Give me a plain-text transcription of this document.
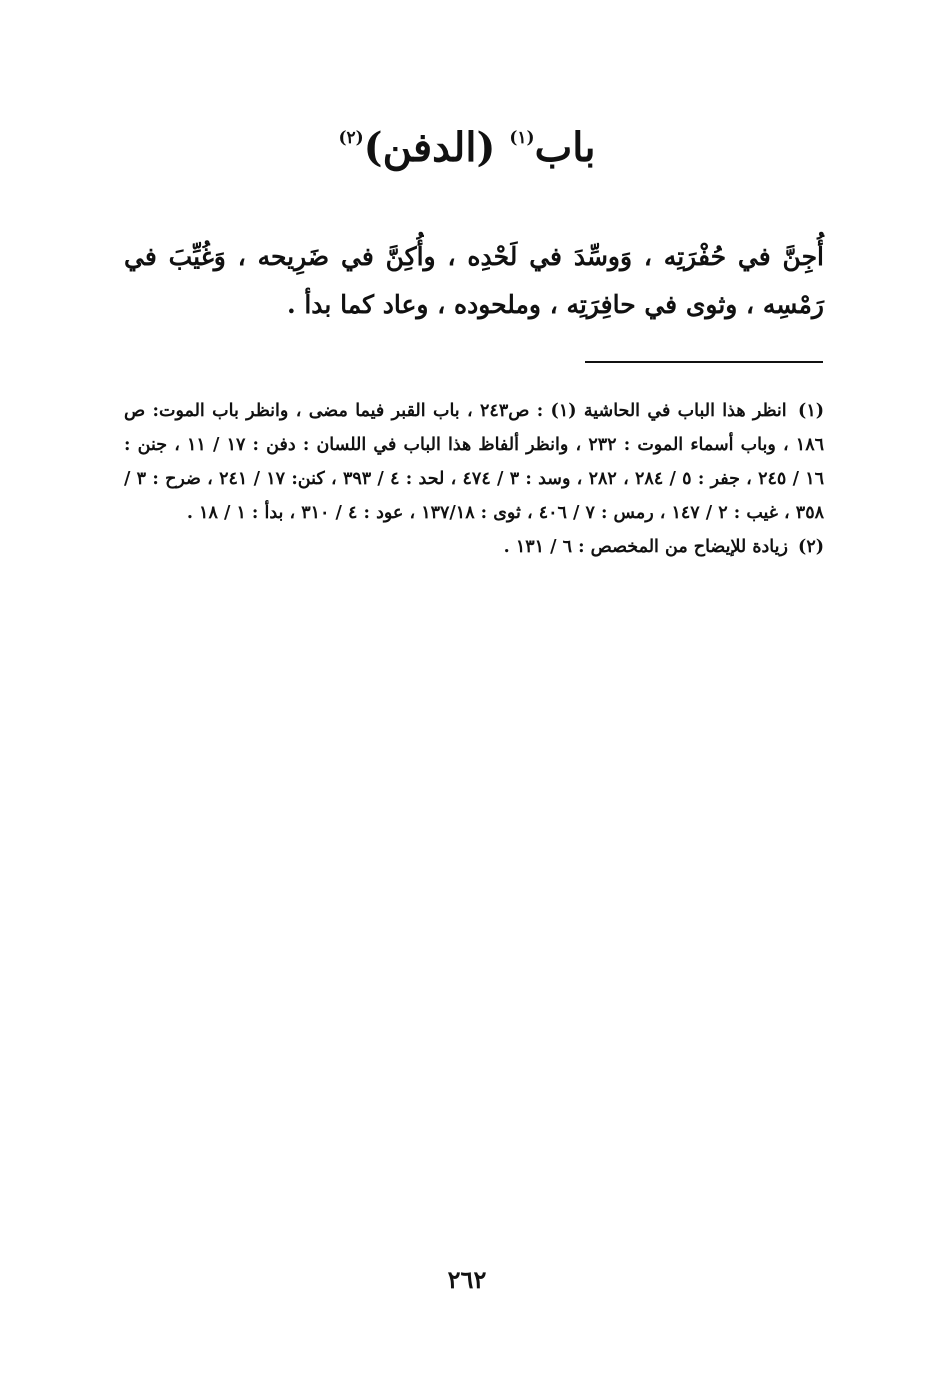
باب$^{(١)}$ (الدفن)$^{(٢)}$

أُجِنَّ في حُفْرَتِه ، وَوسِّدَ في لَحْدِه ، وأُكِنَّ في ضَرِيحه ، وَغُيِّبَ في رَمْسِه ، وثوى في حافِرَتِه ، وملحوده ، وعاد كما بدأ .

(١) انظر هذا الباب في الحاشية (١) : ص٢٤٣ ، باب القبر فيما مضى ، وانظر باب الموت: ص ١٨٦ ، وباب أسماء الموت : ٢٣٢ ، وانظر ألفاظ هذا الباب في اللسان : دفن : ١٧ / ١١ ، جنن : ١٦ / ٢٤٥ ، جفر : ٥ / ٢٨٤ ، ٢٨٢ ، وسد : ٣ / ٤٧٤ ، لحد : ٤ / ٣٩٣ ، كنن: ١٧ / ٢٤١ ، ضرح : ٣ / ٣٥٨ ، غيب : ٢ / ١٤٧ ، رمس : ٧ / ٤٠٦ ، ثوى : ١٣٧/١٨ ، عود : ٤ / ٣١٠ ، بدأ : ١ / ١٨ .

(٢) زيادة للإيضاح من المخصص : ٦ / ١٣١ .

٢٦٢
